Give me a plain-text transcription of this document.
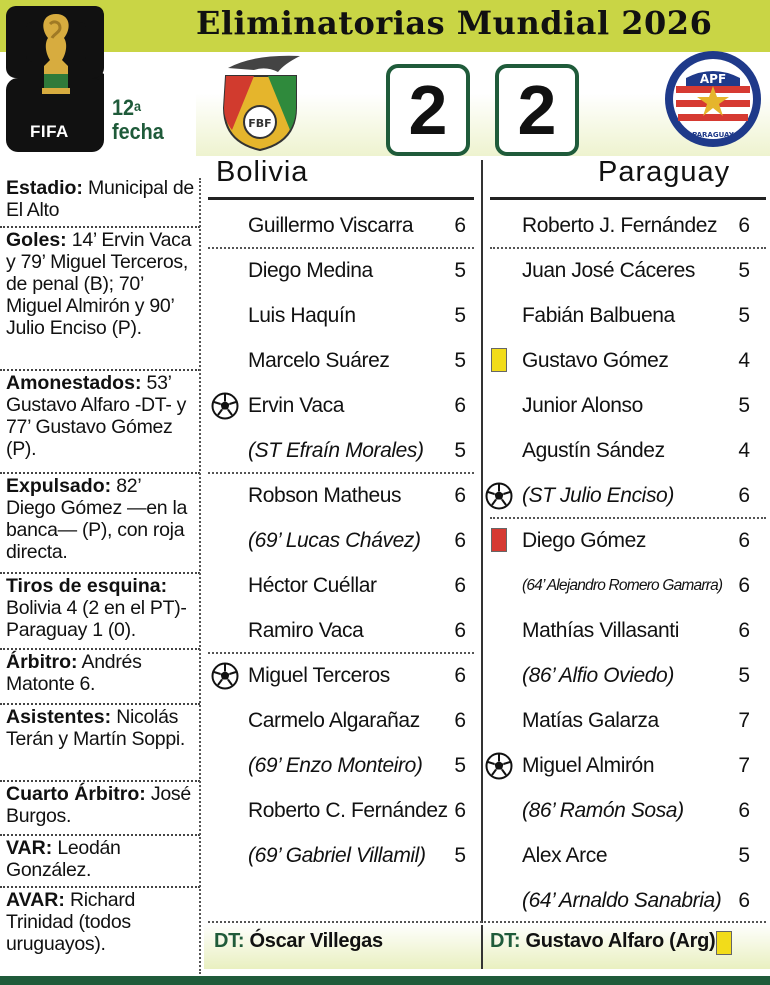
Eliminatorias Mundial 2026
FIFA
12$^a$
fecha	FBF	2	2	APF
PARAGUAY
Bolivia	Paraguay
Estadio: Municipal de El Alto
Goles: 14’ Ervin Vaca y 79’ Miguel Terceros, de penal (B); 70’ Miguel Almirón y 90’ Julio Enciso (P).
Amonestados: 53’ Gustavo Alfaro -DT- y 77’ Gustavo Gómez (P).
Expulsado: 82’ Diego Gómez —en la banca— (P), con roja directa.
Tiros de esquina: Bolivia 4 (2 en el PT)-Paraguay 1 (0).
Árbitro: Andrés Matonte 6.
Asistentes: Nicolás Terán y Martín Soppi.
Cuarto Árbitro: José Burgos.
VAR: Leodán González.
AVAR: Richard Trinidad (todos uruguayos).
Guillermo Viscarra	6
Diego Medina	5
Luis Haquín	5
Marcelo Suárez	5
Ervin Vaca	6
(ST Efraín Morales)	5
Robson Matheus	6
(69’ Lucas Chávez)	6
Héctor Cuéllar	6
Ramiro Vaca	6
Miguel Terceros	6
Carmelo Algarañaz	6
(69’ Enzo Monteiro)	5
Roberto C. Fernández 6
(69’ Gabriel Villamil)	5
Roberto J. Fernández	6
Juan José Cáceres	5
Fabián Balbuena	5
Gustavo Gómez	4
Junior Alonso	5
Agustín Sández	4
(ST Julio Enciso)	6
Diego Gómez	6
(64’ Alejandro Romero Gamarra) 6
Mathías Villasanti	6
(86’ Alfio Oviedo)	5
Matías Galarza	7
Miguel Almirón	7
(86’ Ramón Sosa)	6
Alex Arce	5
(64’ Arnaldo Sanabria) 6
DT: Óscar Villegas	DT: Gustavo Alfaro (Arg)
